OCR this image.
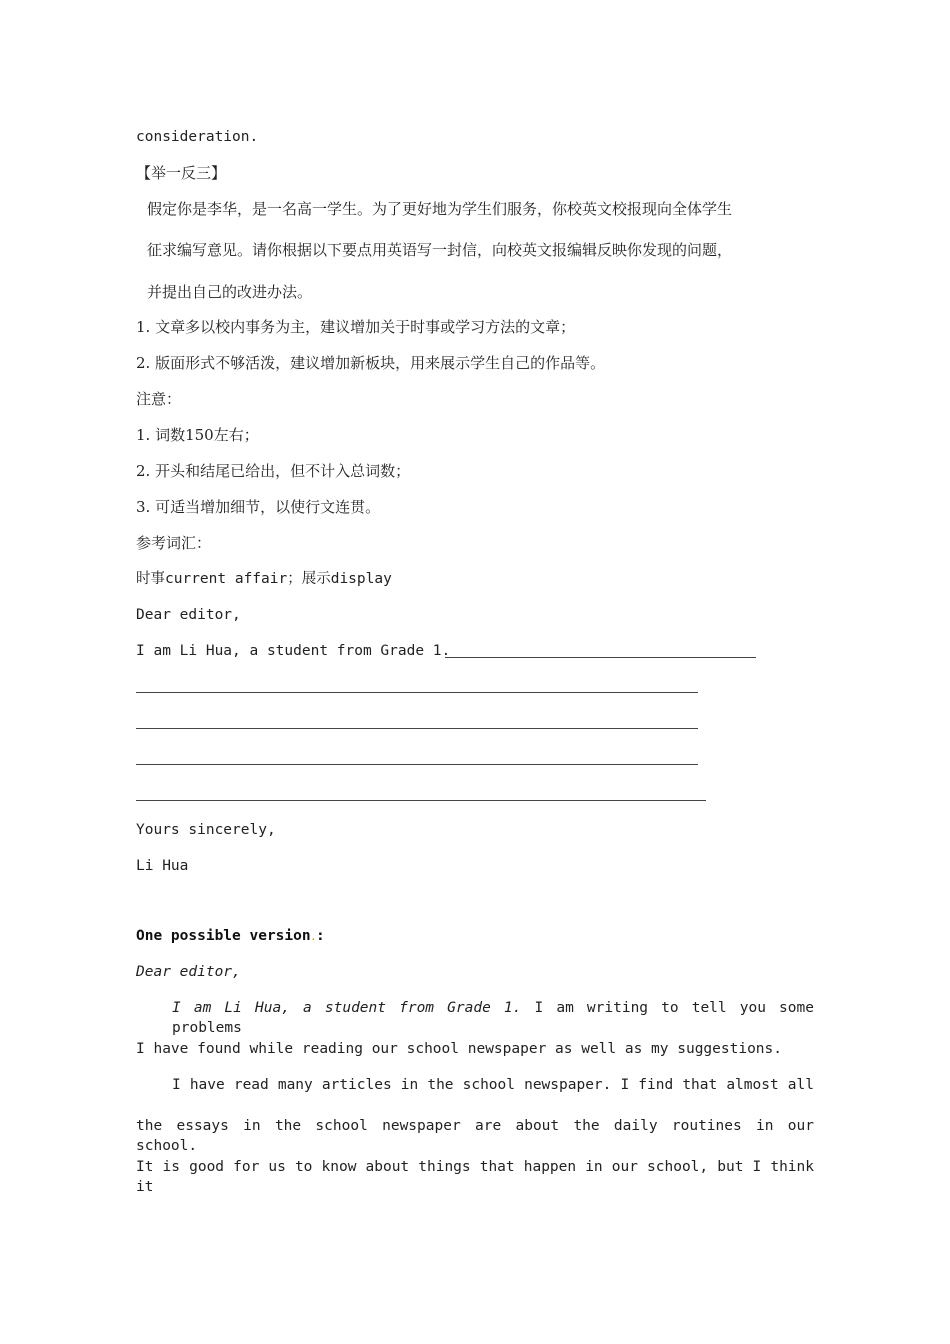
consideration.
【举一反三】
假定你是李华，是一名高一学生。为了更好地为学生们服务，你校英文校报现向全体学生
征求编写意见。请你根据以下要点用英语写一封信，向校英文报编辑反映你发现的问题，
并提出自己的改进办法。
1. 文章多以校内事务为主，建议增加关于时事或学习方法的文章；
2. 版面形式不够活泼，建议增加新板块，用来展示学生自己的作品等。
注意：
1. 词数150左右；
2. 开头和结尾已给出，但不计入总词数；
3. 可适当增加细节，以使行文连贯。
参考词汇：
时事current affair；展示display
Dear editor,
I am Li Hua, a student from Grade 1.
Yours sincerely,
Li Hua
One possible version.:
Dear editor,
I am Li Hua, a student from Grade 1. I am writing to tell you some problems
I have found while reading our school newspaper as well as my suggestions.
I have read many articles in the school newspaper. I find that almost all
the essays in the school newspaper are about the daily routines in our school.
It is good for us to know about things that happen in our school, but I think it
